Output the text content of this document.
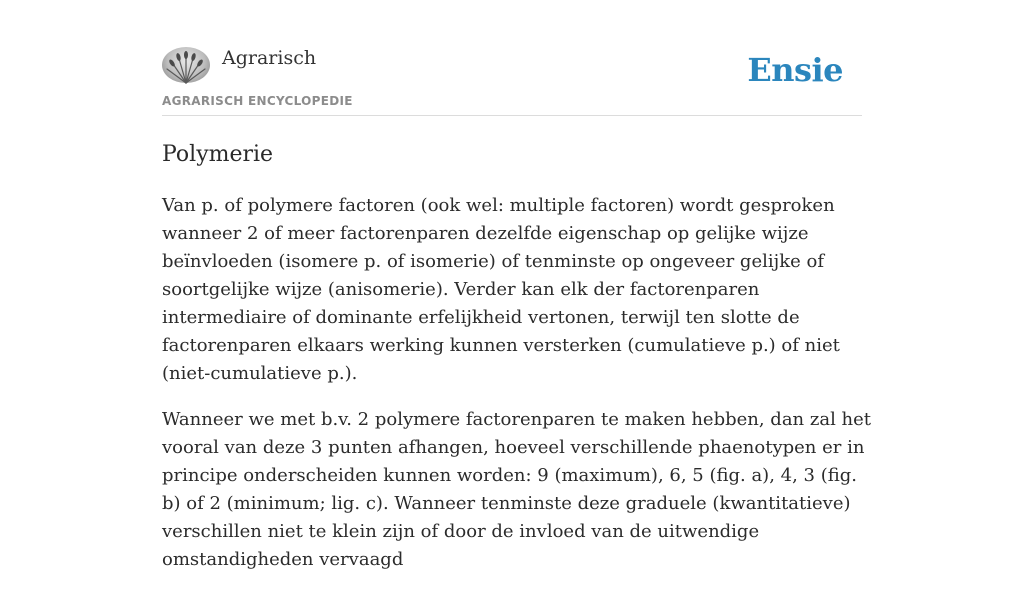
Agrarisch
AGRARISCH ENCYCLOPEDIE
Ensie
Polymerie

Van p. of polymere factoren (ook wel: multiple factoren) wordt gesproken wanneer 2 of meer factorenparen dezelfde eigenschap op gelijke wijze beïnvloeden (isomere p. of isomerie) of tenminste op ongeveer gelijke of soortgelijke wijze (anisomerie). Verder kan elk der factorenparen intermediaire of dominante erfelijkheid vertonen, terwijl ten slotte de factorenparen elkaars werking kunnen versterken (cumulatieve p.) of niet (niet-cumulatieve p.).

Wanneer we met b.v. 2 polymere factorenparen te maken hebben, dan zal het vooral van deze 3 punten afhangen, hoeveel verschillende phaenotypen er in principe onderscheiden kunnen worden: 9 (maximum), 6, 5 (fig. a), 4, 3 (fig. b) of 2 (minimum; lig. c). Wanneer tenminste deze graduele (kwantitatieve) verschillen niet te klein zijn of door de invloed van de uitwendige omstandigheden vervaagd
